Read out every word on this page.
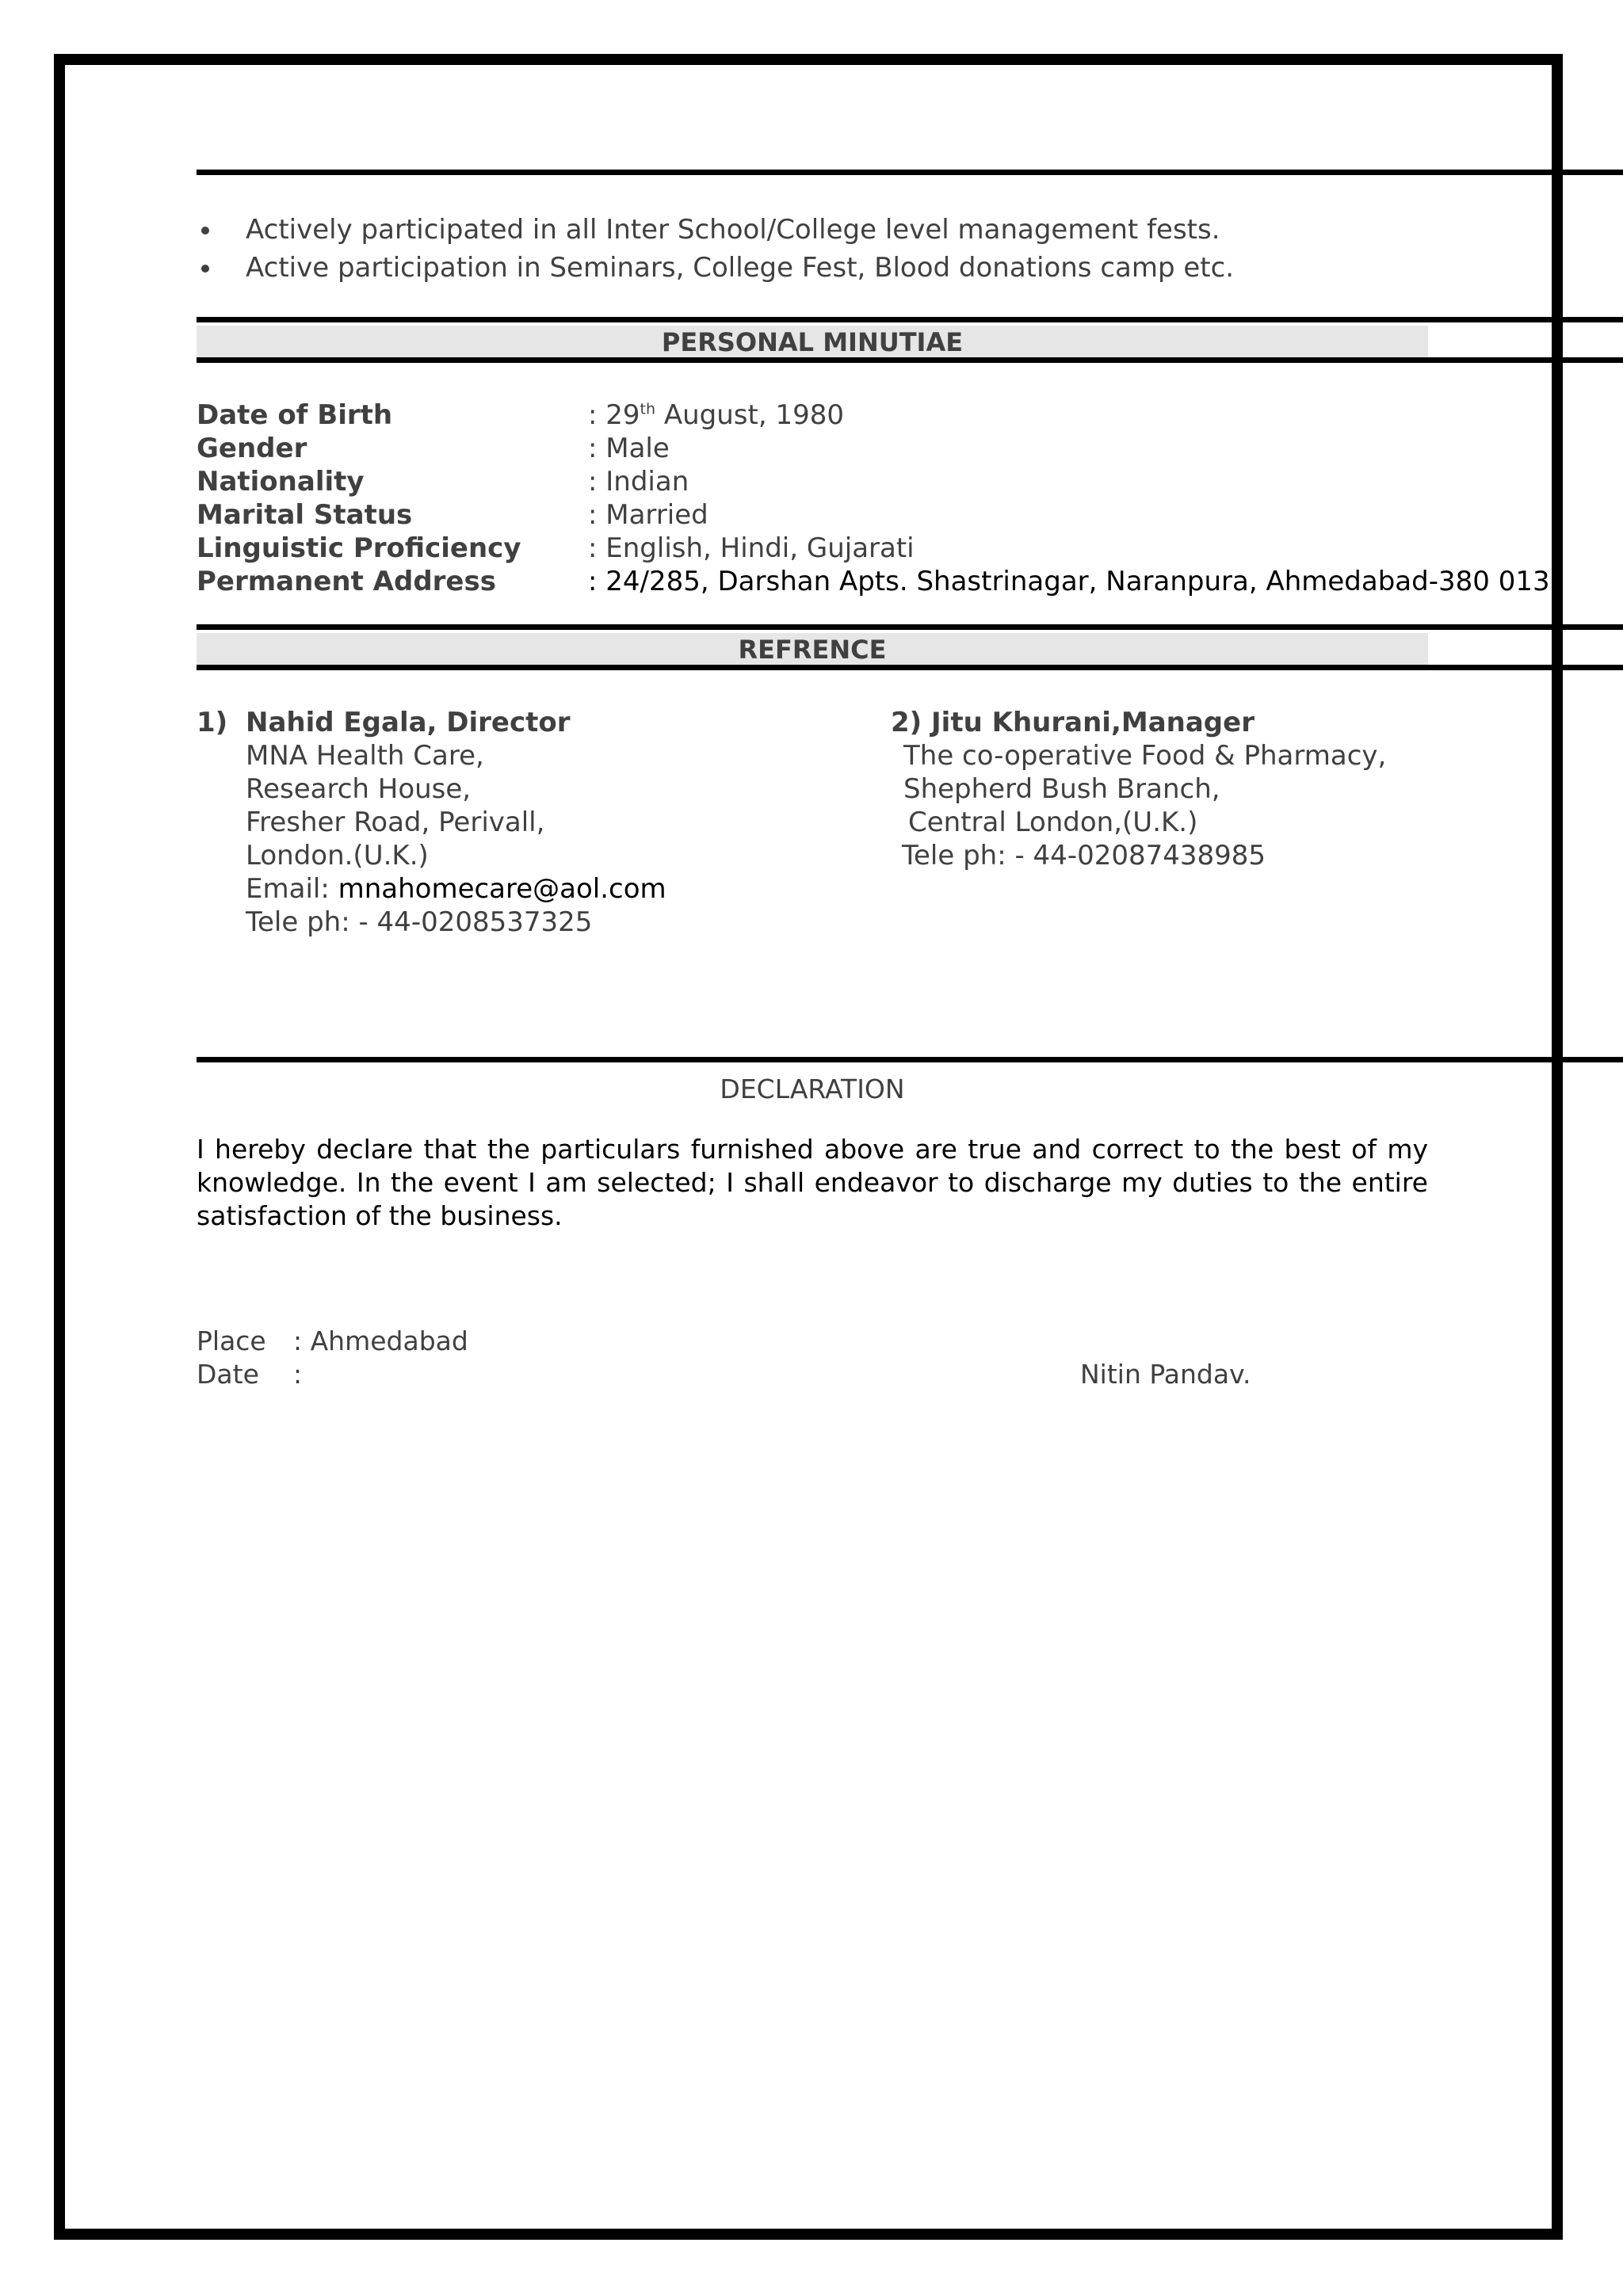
Actively participated in all Inter School/College level management fests.
Active participation in Seminars, College Fest, Blood donations camp etc.
PERSONAL MINUTIAE
Date of Birth	: 29th August, 1980
Gender	: Male
Nationality	: Indian
Marital Status	: Married
Linguistic Proficiency	: English, Hindi, Gujarati
Permanent Address	: 24/285, Darshan Apts. Shastrinagar, Naranpura, Ahmedabad-380 013
REFRENCE
1) Nahid Egala, Director
MNA Health Care,
Research House,
Fresher Road, Perivall,
London.(U.K.)
Email: mnahomecare@aol.com
Tele ph: - 44-0208537325
2) Jitu Khurani,Manager
The co-operative Food & Pharmacy,
Shepherd Bush Branch,
Central London,(U.K.)
Tele ph: - 44-02087438985
DECLARATION
I hereby declare that the particulars furnished above are true and correct to the best of my knowledge. In the event I am selected; I shall endeavor to discharge my duties to the entire satisfaction of the business.
Place : Ahmedabad
Date :	Nitin Pandav.
